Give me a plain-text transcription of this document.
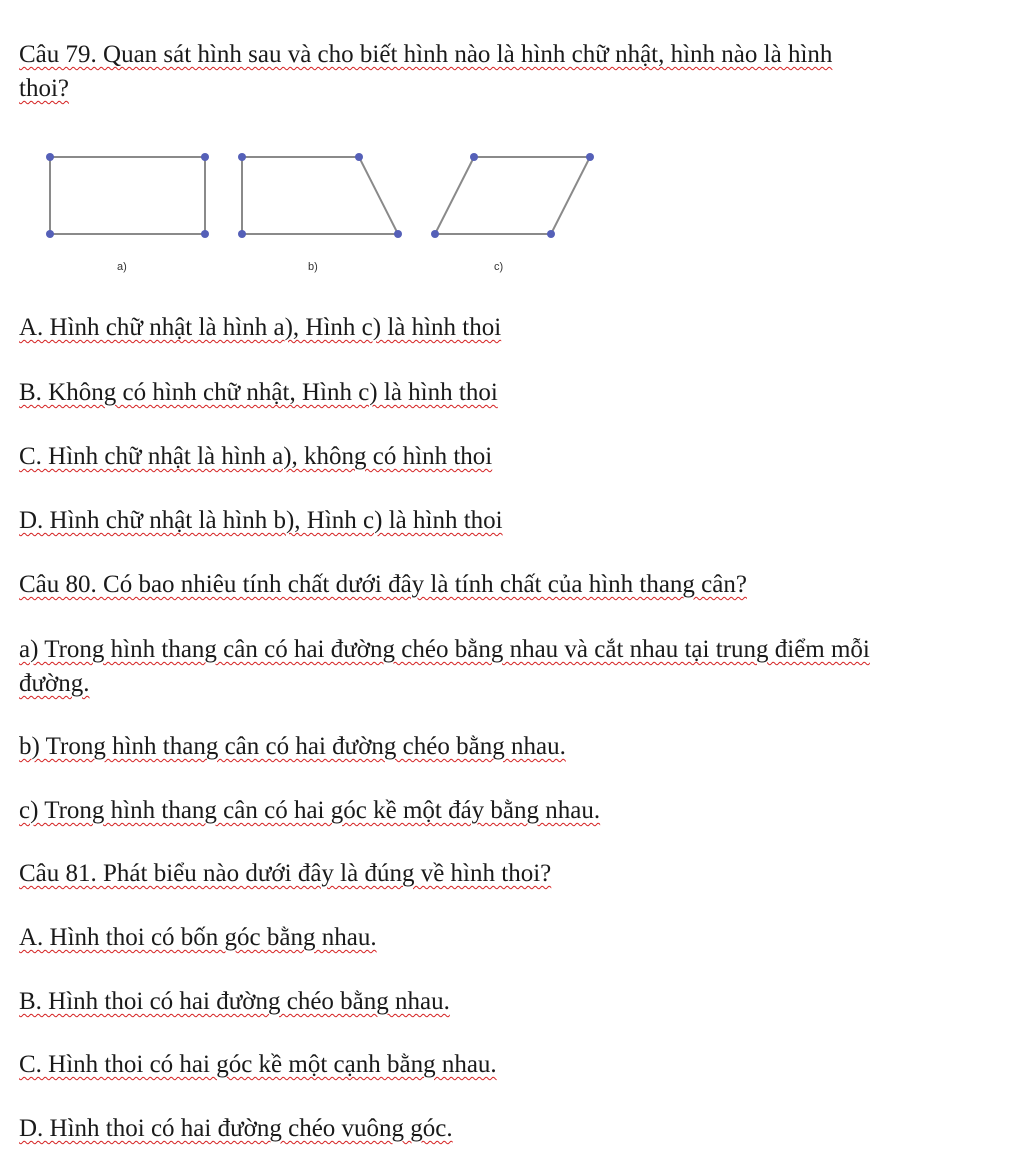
Câu 79. Quan sát hình sau và cho biết hình nào là hình chữ nhật, hình nào là hình
thoi?
a)	b)	c)
A. Hình chữ nhật là hình a), Hình c) là hình thoi
B. Không có hình chữ nhật, Hình c) là hình thoi
C. Hình chữ nhật là hình a), không có hình thoi
D. Hình chữ nhật là hình b), Hình c) là hình thoi
Câu 80. Có bao nhiêu tính chất dưới đây là tính chất của hình thang cân?
a) Trong hình thang cân có hai đường chéo bằng nhau và cắt nhau tại trung điểm mỗi
đường.
b) Trong hình thang cân có hai đường chéo bằng nhau.
c) Trong hình thang cân có hai góc kề một đáy bằng nhau.
Câu 81. Phát biểu nào dưới đây là đúng về hình thoi?
A. Hình thoi có bốn góc bằng nhau.
B. Hình thoi có hai đường chéo bằng nhau.
C. Hình thoi có hai góc kề một cạnh bằng nhau.
D. Hình thoi có hai đường chéo vuông góc.
